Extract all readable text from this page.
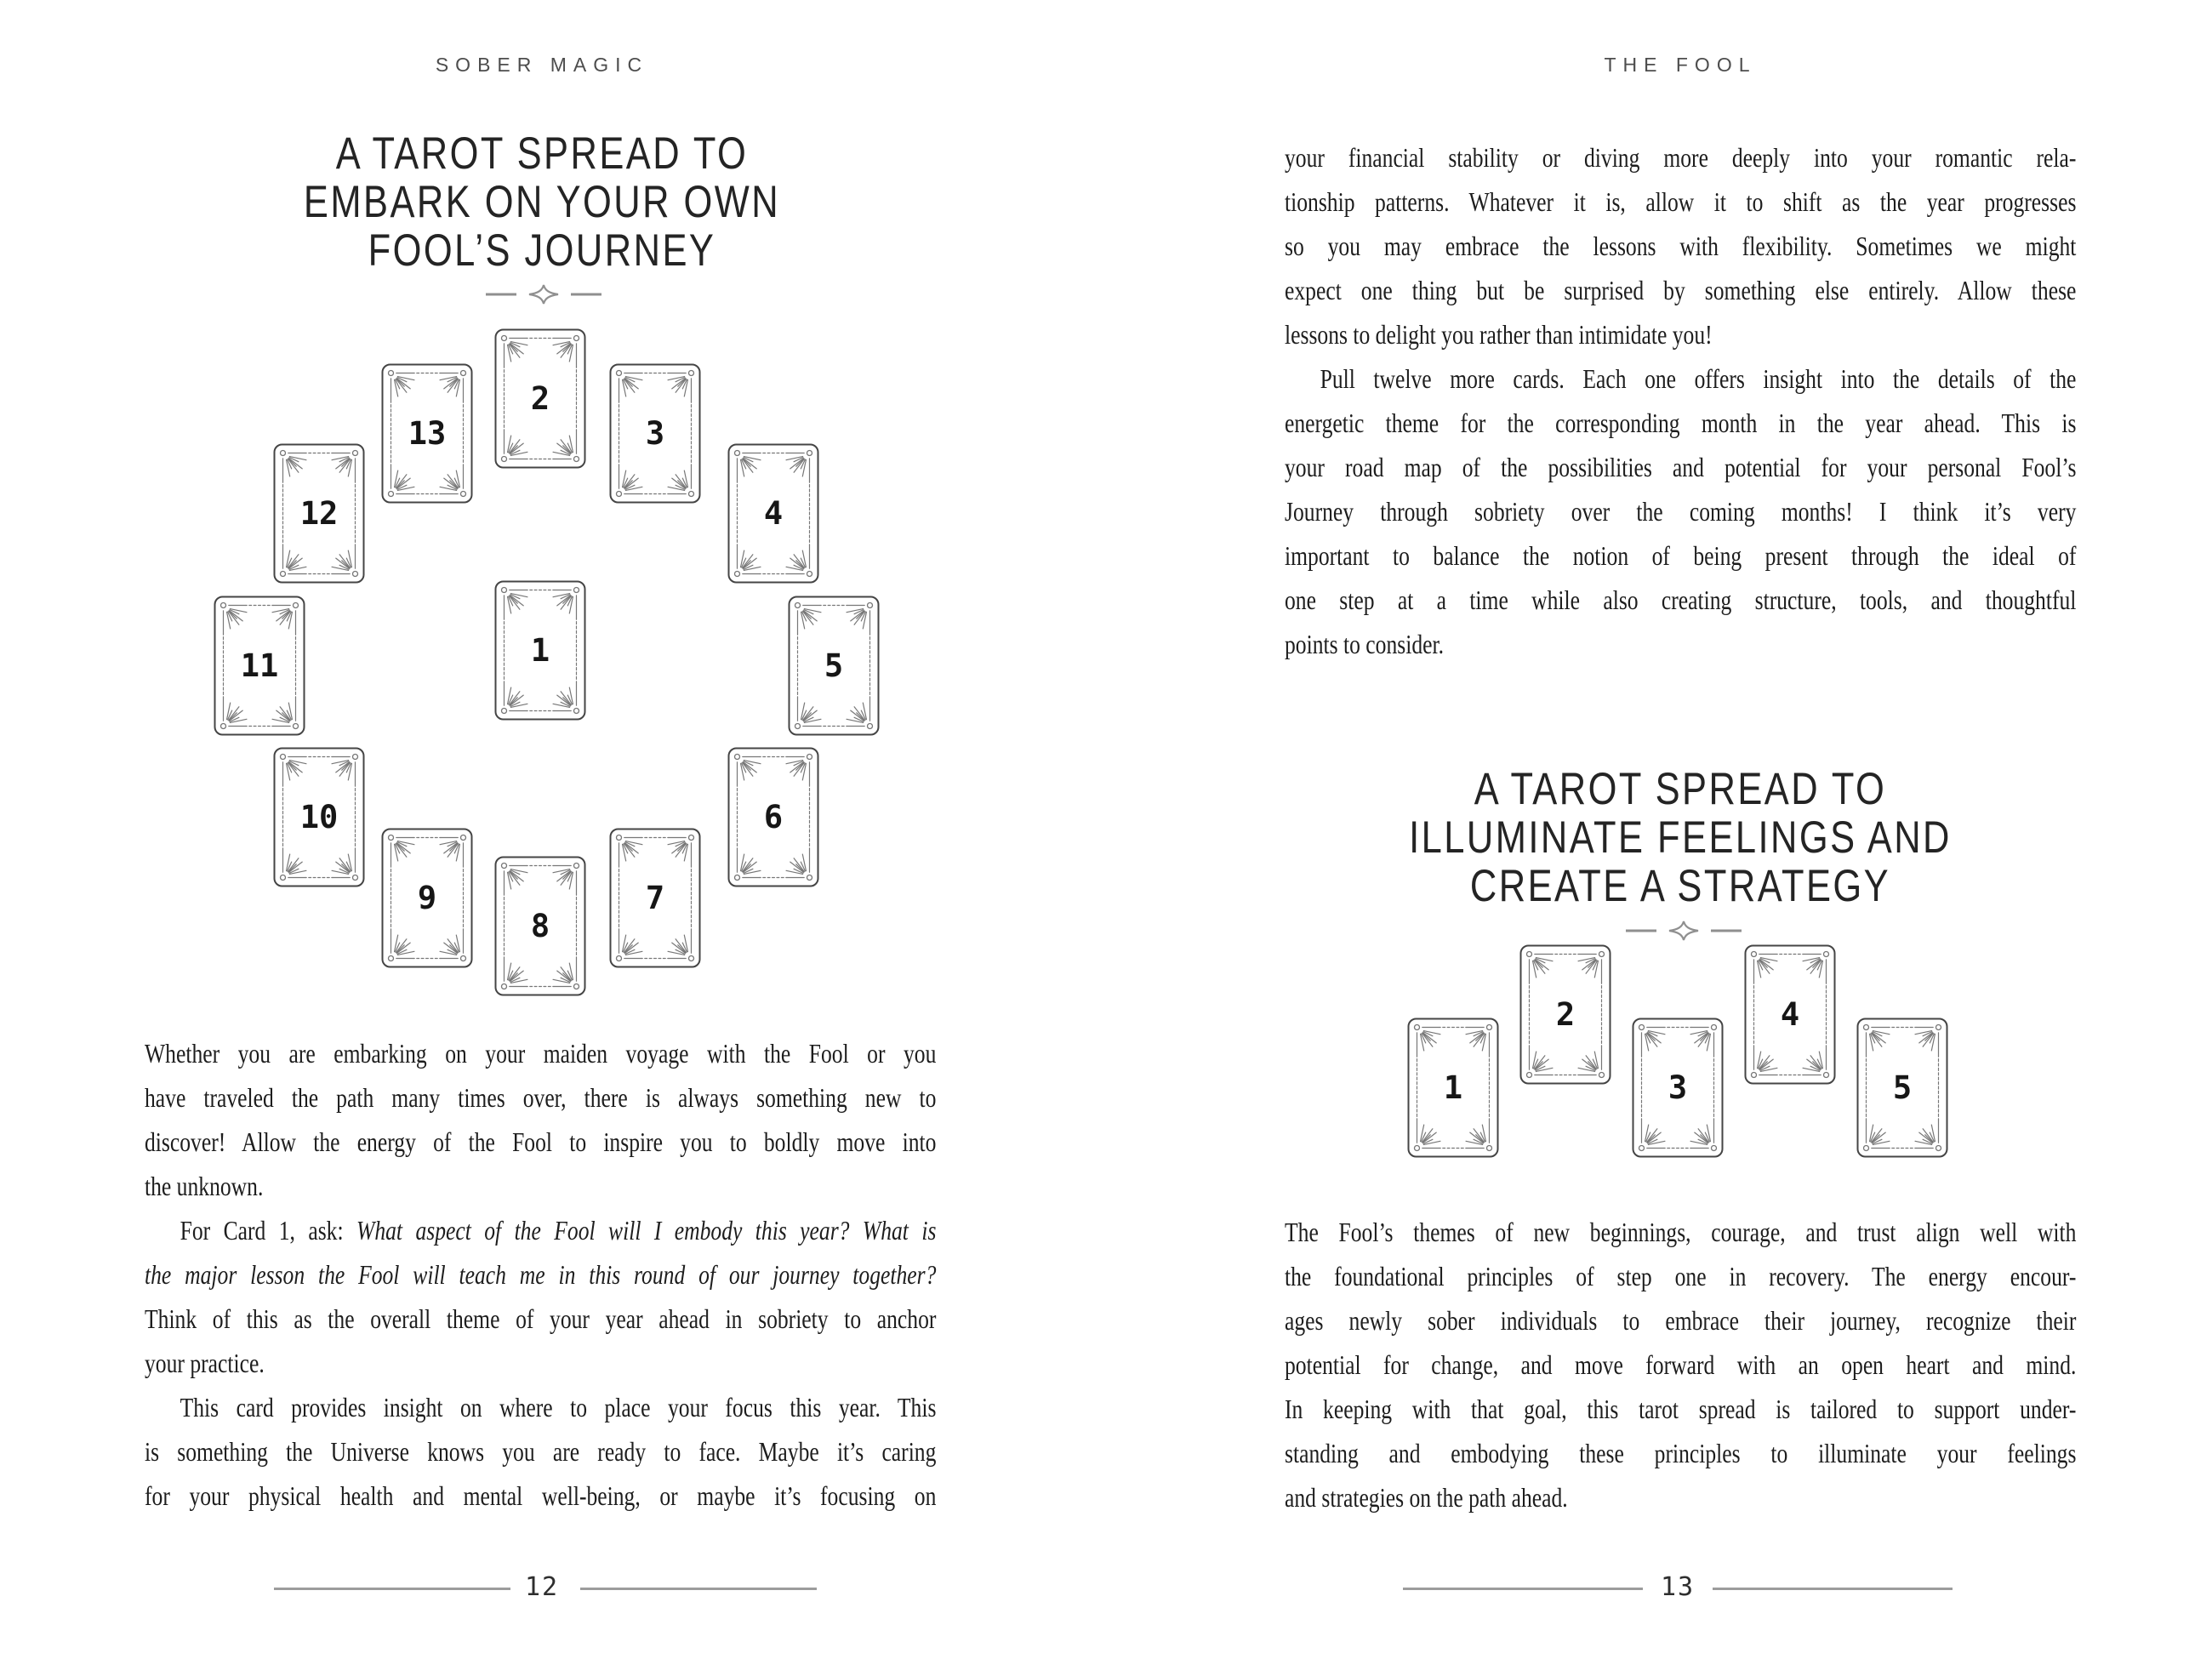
SOBER MAGIC
A TAROT SPREAD TO
EMBARK ON YOUR OWN
FOOL’S JOURNEY
1
2
3
4
5
6
7
8
9
10
11
12
13
Whether you are embarking on your maiden voyage with the Fool or you
have traveled the path many times over, there is always something new to
discover! Allow the energy of the Fool to inspire you to boldly move into
the unknown.
For Card 1, ask: What aspect of the Fool will I embody this year? What is
the major lesson the Fool will teach me in this round of our journey together?
Think of this as the overall theme of your year ahead in sobriety to anchor
your practice.
This card provides insight on where to place your focus this year. This
is something the Universe knows you are ready to face. Maybe it’s caring
for your physical health and mental well-being, or maybe it’s focusing on
12
THE FOOL
your financial stability or diving more deeply into your romantic rela-
tionship patterns. Whatever it is, allow it to shift as the year progresses
so you may embrace the lessons with flexibility. Sometimes we might
expect one thing but be surprised by something else entirely. Allow these
lessons to delight you rather than intimidate you!
Pull twelve more cards. Each one offers insight into the details of the
energetic theme for the corresponding month in the year ahead. This is
your road map of the possibilities and potential for your personal Fool’s
Journey through sobriety over the coming months! I think it’s very
important to balance the notion of being present through the ideal of
one step at a time while also creating structure, tools, and thoughtful
points to consider.
A TAROT SPREAD TO
ILLUMINATE FEELINGS AND
CREATE A STRATEGY
1
2
3
4
5
The Fool’s themes of new beginnings, courage, and trust align well with
the foundational principles of step one in recovery. The energy encour-
ages newly sober individuals to embrace their journey, recognize their
potential for change, and move forward with an open heart and mind.
In keeping with that goal, this tarot spread is tailored to support under-
standing and embodying these principles to illuminate your feelings
and strategies on the path ahead.
13
